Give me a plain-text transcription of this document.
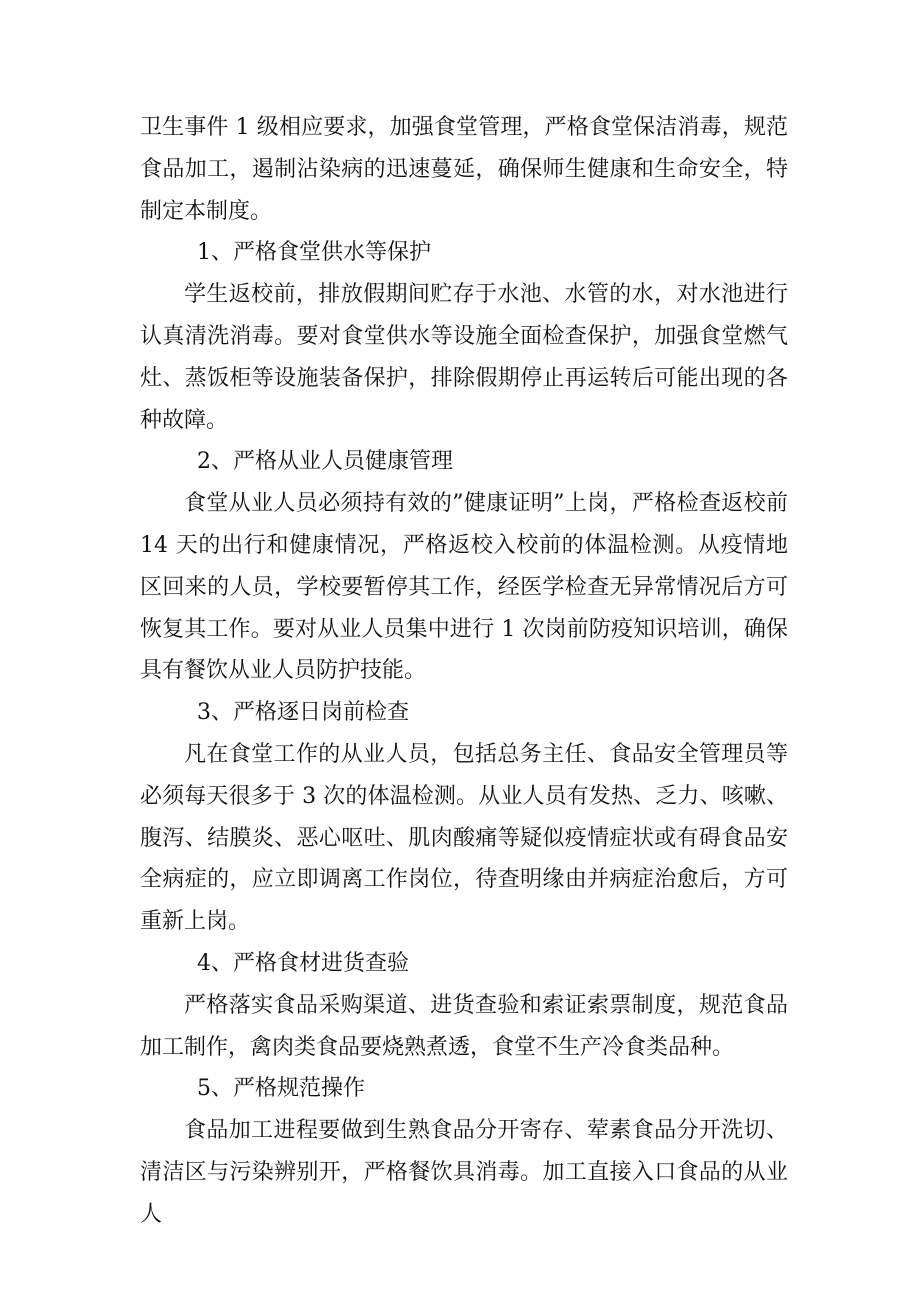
卫生事件 1 级相应要求，加强食堂管理，严格食堂保洁消毒，规范食品加工，遏制沾染病的迅速蔓延，确保师生健康和生命安全，特制定本制度。

1、严格食堂供水等保护

学生返校前，排放假期间贮存于水池、水管的水，对水池进行认真清洗消毒。要对食堂供水等设施全面检查保护，加强食堂燃气灶、蒸饭柜等设施装备保护，排除假期停止再运转后可能出现的各种故障。

2、严格从业人员健康管理

食堂从业人员必须持有效的”健康证明”上岗，严格检查返校前 14 天的出行和健康情况，严格返校入校前的体温检测。从疫情地区回来的人员，学校要暂停其工作，经医学检查无异常情况后方可恢复其工作。要对从业人员集中进行 1 次岗前防疫知识培训，确保具有餐饮从业人员防护技能。

3、严格逐日岗前检查

凡在食堂工作的从业人员，包括总务主任、食品安全管理员等必须每天很多于 3 次的体温检测。从业人员有发热、乏力、咳嗽、腹泻、结膜炎、恶心呕吐、肌肉酸痛等疑似疫情症状或有碍食品安全病症的，应立即调离工作岗位，待查明缘由并病症治愈后，方可重新上岗。

4、严格食材进货查验

严格落实食品采购渠道、进货查验和索证索票制度，规范食品加工制作，禽肉类食品要烧熟煮透，食堂不生产冷食类品种。

5、严格规范操作

食品加工进程要做到生熟食品分开寄存、荤素食品分开洗切、清洁区与污染辨别开，严格餐饮具消毒。加工直接入口食品的从业人
